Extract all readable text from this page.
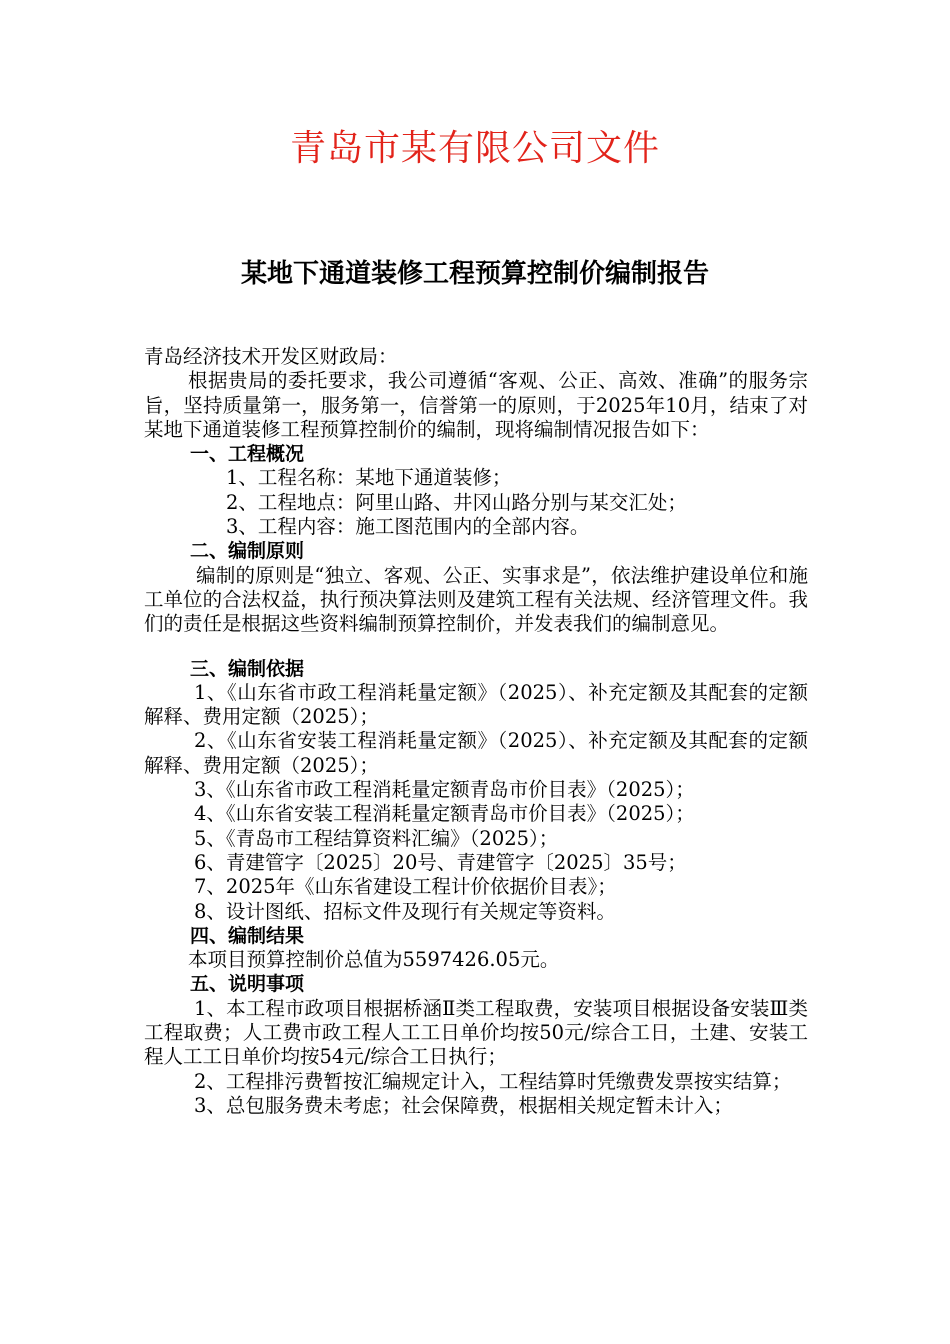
青岛市某有限公司文件
某地下通道装修工程预算控制价编制报告

青岛经济技术开发区财政局：

根据贵局的委托要求，我公司遵循“客观、公正、高效、准确”的服务宗旨，坚持质量第一，服务第一，信誉第一的原则，于2025年10月，结束了对某地下通道装修工程预算控制价的编制，现将编制情况报告如下：

一、工程概况

1、工程名称：某地下通道装修；

2、工程地点：阿里山路、井冈山路分别与某交汇处；

3、工程内容：施工图范围内的全部内容。

二、编制原则

编制的原则是“独立、客观、公正、实事求是”，依法维护建设单位和施工单位的合法权益，执行预决算法则及建筑工程有关法规、经济管理文件。我们的责任是根据这些资料编制预算控制价，并发表我们的编制意见。

三、编制依据

1、《山东省市政工程消耗量定额》（2025）、补充定额及其配套的定额解释、费用定额（2025）；

2、《山东省安装工程消耗量定额》（2025）、补充定额及其配套的定额解释、费用定额（2025）；

3、《山东省市政工程消耗量定额青岛市价目表》（2025）；

4、《山东省安装工程消耗量定额青岛市价目表》（2025）；

5、《青岛市工程结算资料汇编》（2025）；

6、青建管字〔2025〕20号、青建管字〔2025〕35号；

7、2025年《山东省建设工程计价依据价目表》；

8、设计图纸、招标文件及现行有关规定等资料。

四、编制结果

本项目预算控制价总值为5597426.05元。

五、说明事项

1、本工程市政项目根据桥涵Ⅱ类工程取费，安装项目根据设备安装Ⅲ类工程取费；人工费市政工程人工工日单价均按50元/综合工日，土建、安装工程人工工日单价均按54元/综合工日执行；

2、工程排污费暂按汇编规定计入，工程结算时凭缴费发票按实结算；

3、总包服务费未考虑；社会保障费，根据相关规定暂未计入；
